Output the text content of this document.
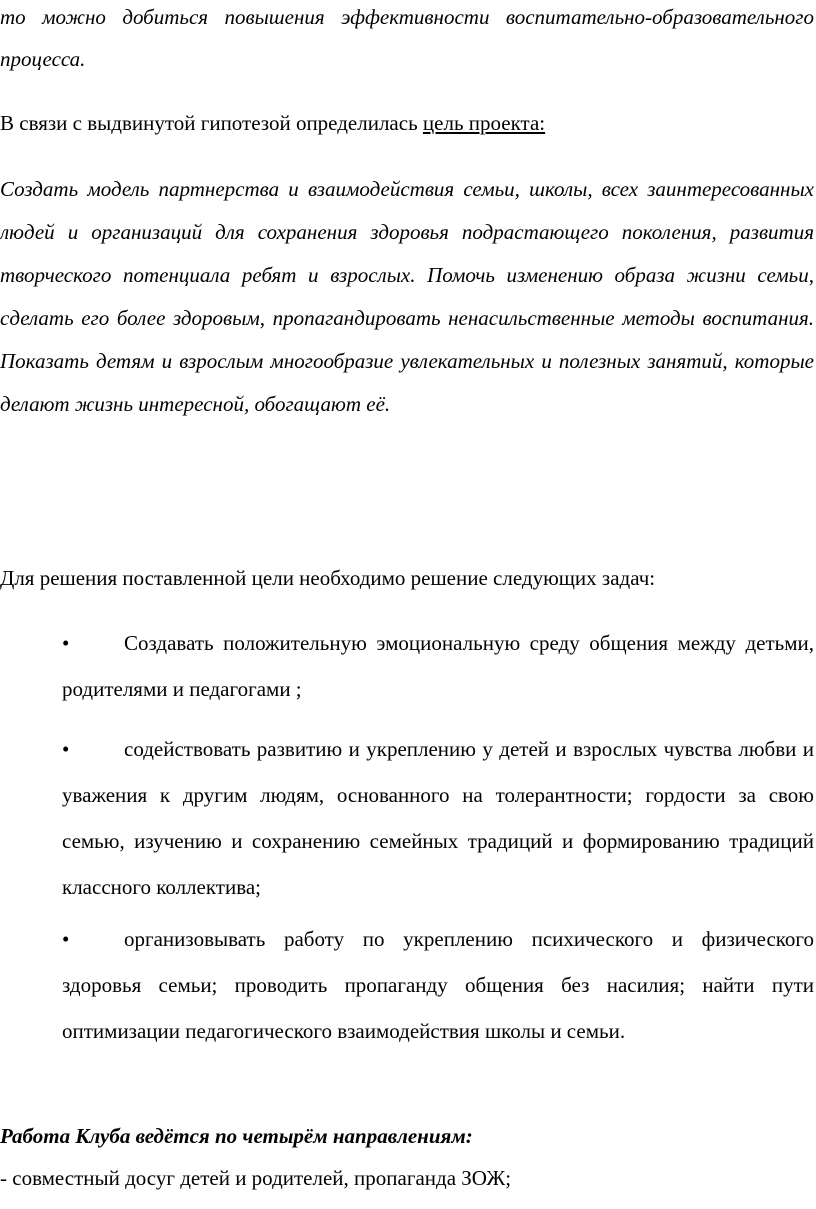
то можно добиться повышения эффективности воспитательно-образовательного процесса.

В связи с выдвинутой гипотезой определилась цель проекта:

Создать модель партнерства и взаимодействия семьи, школы, всех заинтересованных людей и организаций для сохранения здоровья подрастающего поколения, развития творческого потенциала ребят и взрослых. Помочь изменению образа жизни семьи, сделать его более здоровым, пропагандировать ненасильственные методы воспитания. Показать детям и взрослым многообразие увлекательных и полезных занятий, которые делают жизнь интересной, обогащают её.

Для решения поставленной цели необходимо решение следующих задач:

•	Создавать положительную эмоциональную среду общения между детьми, родителями и педагогами ;

•	содействовать развитию и укреплению у детей и взрослых чувства любви и уважения к другим людям, основанного на толерантности; гордости за свою семью, изучению и сохранению семейных традиций и формированию традиций классного коллектива;

•	организовывать работу по укреплению психического и физического здоровья семьи; проводить пропаганду общения без насилия; найти пути оптимизации педагогического взаимодействия школы и семьи.

Работа Клуба ведётся по четырём направлениям:

- совместный досуг детей и родителей, пропаганда ЗОЖ;
